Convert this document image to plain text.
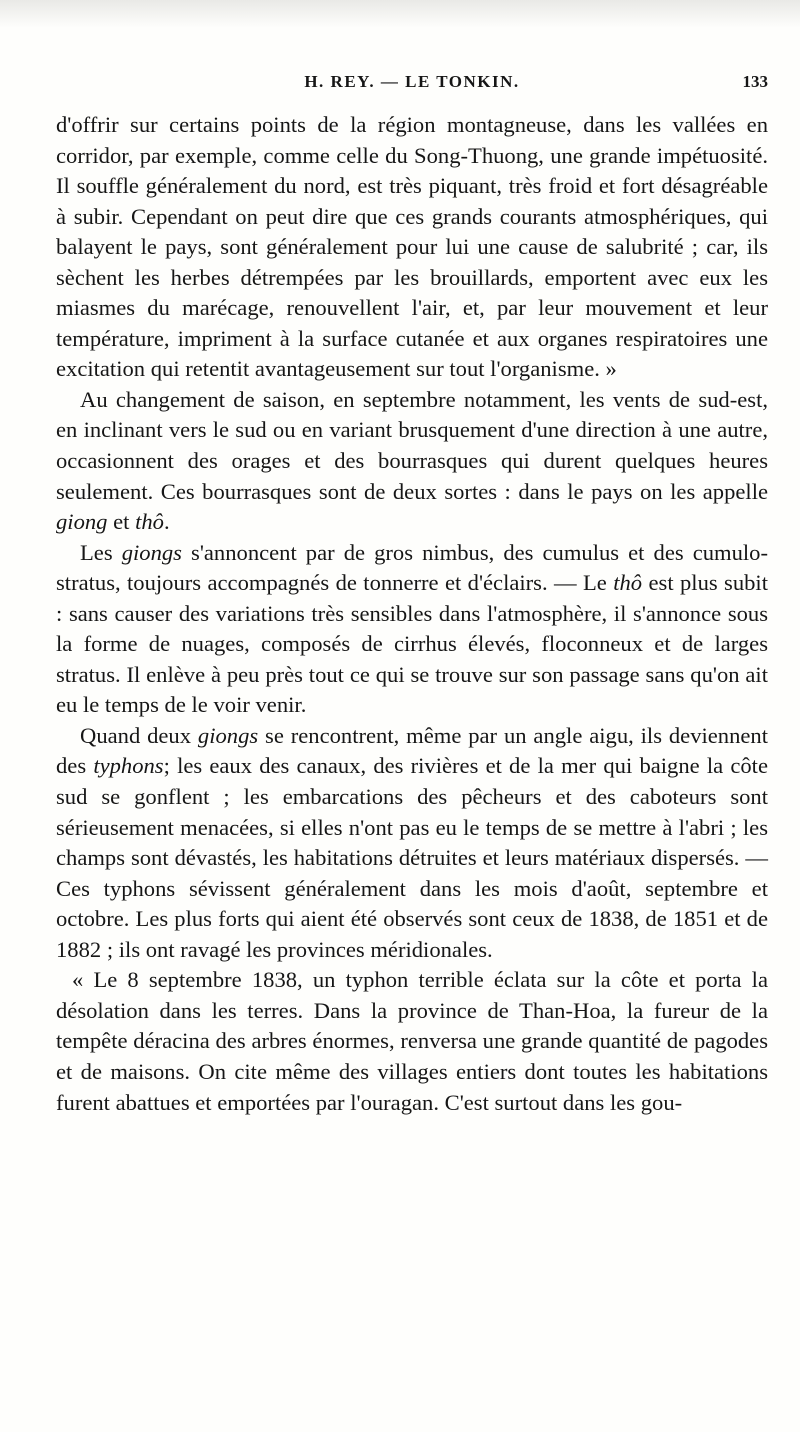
H. REY. — LE TONKIN.	133

d'offrir sur certains points de la région montagneuse, dans les vallées en corridor, par exemple, comme celle du Song-Thuong, une grande impétuosité. Il souffle généralement du nord, est très piquant, très froid et fort désagréable à subir. Cependant on peut dire que ces grands courants atmosphériques, qui balayent le pays, sont généralement pour lui une cause de salubrité ; car, ils sèchent les herbes détrempées par les brouillards, emportent avec eux les miasmes du marécage, renouvellent l'air, et, par leur mouvement et leur température, impriment à la surface cutanée et aux organes respiratoires une excitation qui retentit avantageusement sur tout l'organisme. »

Au changement de saison, en septembre notamment, les vents de sud-est, en inclinant vers le sud ou en variant brusquement d'une direction à une autre, occasionnent des orages et des bourrasques qui durent quelques heures seulement. Ces bourrasques sont de deux sortes : dans le pays on les appelle giong et thô.

Les giongs s'annoncent par de gros nimbus, des cumulus et des cumulo-stratus, toujours accompagnés de tonnerre et d'éclairs. — Le thô est plus subit : sans causer des variations très sensibles dans l'atmosphère, il s'annonce sous la forme de nuages, composés de cirrhus élevés, floconneux et de larges stratus. Il enlève à peu près tout ce qui se trouve sur son passage sans qu'on ait eu le temps de le voir venir.

Quand deux giongs se rencontrent, même par un angle aigu, ils deviennent des typhons; les eaux des canaux, des rivières et de la mer qui baigne la côte sud se gonflent ; les embarcations des pêcheurs et des caboteurs sont sérieusement menacées, si elles n'ont pas eu le temps de se mettre à l'abri ; les champs sont dévastés, les habitations détruites et leurs matériaux dispersés. — Ces typhons sévissent généralement dans les mois d'août, septembre et octobre. Les plus forts qui aient été observés sont ceux de 1838, de 1851 et de 1882 ; ils ont ravagé les provinces méridionales.

« Le 8 septembre 1838, un typhon terrible éclata sur la côte et porta la désolation dans les terres. Dans la province de Than-Hoa, la fureur de la tempête déracina des arbres énormes, renversa une grande quantité de pagodes et de maisons. On cite même des villages entiers dont toutes les habitations furent abattues et emportées par l'ouragan. C'est surtout dans les gou-
